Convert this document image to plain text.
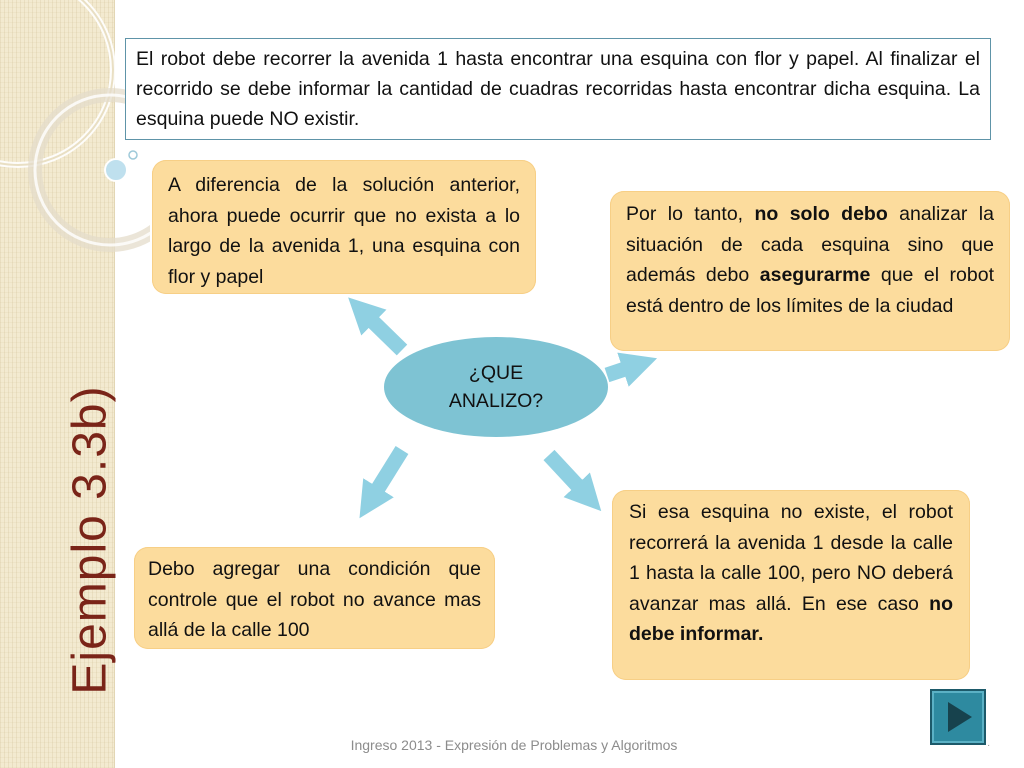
Ejemplo 3.3b)
El robot debe recorrer la avenida 1 hasta encontrar una esquina con flor y papel. Al finalizar el recorrido se debe informar la cantidad de cuadras recorridas hasta encontrar dicha esquina. La esquina puede NO existir.
¿QUE
ANALIZO?
A diferencia de la solución anterior, ahora puede ocurrir que no exista a lo largo de la avenida 1, una esquina con flor y papel
Por lo tanto, no solo debo analizar la situación de cada esquina sino que además debo asegurarme que el robot está dentro de los límites de la ciudad
Debo agregar una condición que controle que el robot no avance mas allá de la calle 100
Si esa esquina no existe, el robot recorrerá la avenida 1 desde la calle 1 hasta la calle 100, pero NO deberá avanzar mas allá. En ese caso no debe informar.
Ingreso 2013 - Expresión de Problemas y Algoritmos	·
